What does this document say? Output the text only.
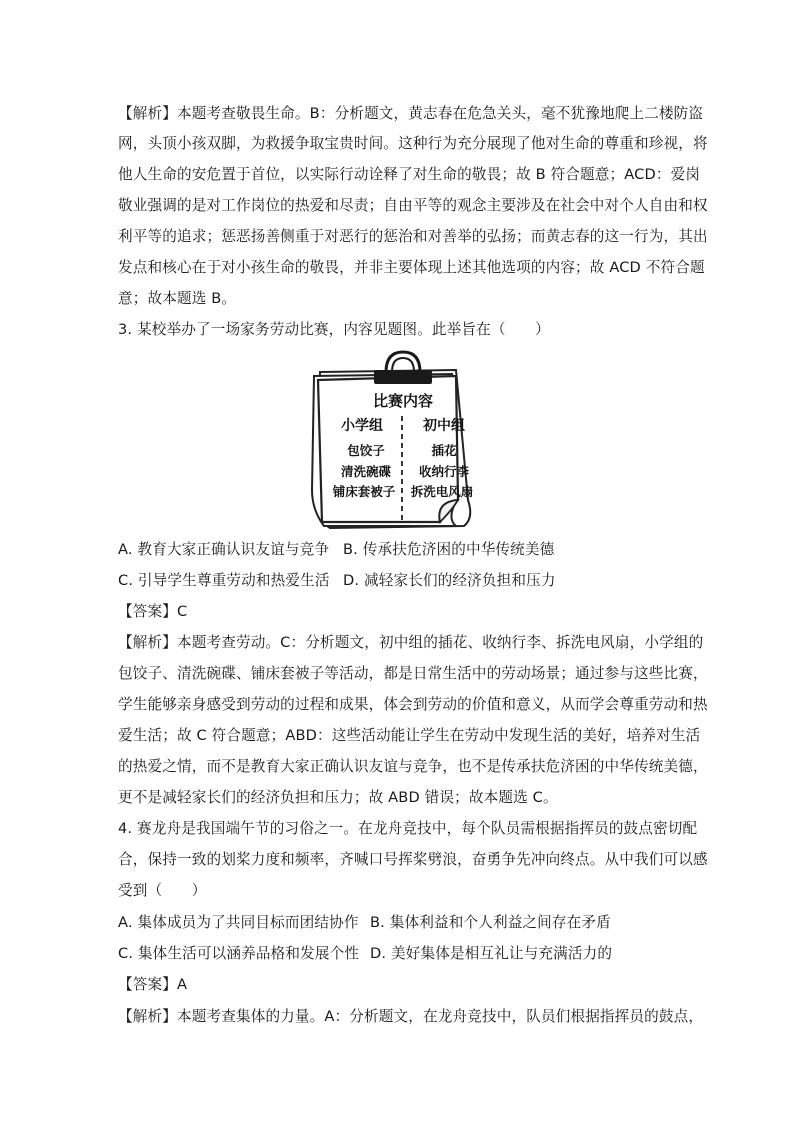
【解析】本题考查敬畏生命。B：分析题文，黄志春在危急关头，毫不犹豫地爬上二楼防盗
网，头顶小孩双脚，为救援争取宝贵时间。这种行为充分展现了他对生命的尊重和珍视，将
他人生命的安危置于首位，以实际行动诠释了对生命的敬畏；故 B 符合题意；ACD：爱岗
敬业强调的是对工作岗位的热爱和尽责；自由平等的观念主要涉及在社会中对个人自由和权
利平等的追求；惩恶扬善侧重于对恶行的惩治和对善举的弘扬；而黄志春的这一行为，其出
发点和核心在于对小孩生命的敬畏，并非主要体现上述其他选项的内容；故 ACD 不符合题
意；故本题选 B。
3. 某校举办了一场家务劳动比赛，内容见题图。此举旨在（　　）
比赛内容
小学组	初中组
包饺子
清洗碗碟
铺床套被子
插花
收纳行李
拆洗电风扇
A. 教育大家正确认识友谊与竞争 B. 传承扶危济困的中华传统美德
C. 引导学生尊重劳动和热爱生活 D. 减轻家长们的经济负担和压力
【答案】C
【解析】本题考查劳动。C：分析题文，初中组的插花、收纳行李、拆洗电风扇，小学组的
包饺子、清洗碗碟、铺床套被子等活动，都是日常生活中的劳动场景；通过参与这些比赛，
学生能够亲身感受到劳动的过程和成果，体会到劳动的价值和意义，从而学会尊重劳动和热
爱生活；故 C 符合题意；ABD：这些活动能让学生在劳动中发现生活的美好，培养对生活
的热爱之情，而不是教育大家正确认识友谊与竞争，也不是传承扶危济困的中华传统美德，
更不是减轻家长们的经济负担和压力；故 ABD 错误；故本题选 C。
4. 赛龙舟是我国端午节的习俗之一。在龙舟竞技中，每个队员需根据指挥员的鼓点密切配
合，保持一致的划桨力度和频率，齐喊口号挥桨劈浪，奋勇争先冲向终点。从中我们可以感
受到（　　）
A. 集体成员为了共同目标而团结协作 B. 集体利益和个人利益之间存在矛盾
C. 集体生活可以涵养品格和发展个性 D. 美好集体是相互礼让与充满活力的
【答案】A
【解析】本题考查集体的力量。A：分析题文，在龙舟竞技中，队员们根据指挥员的鼓点，
